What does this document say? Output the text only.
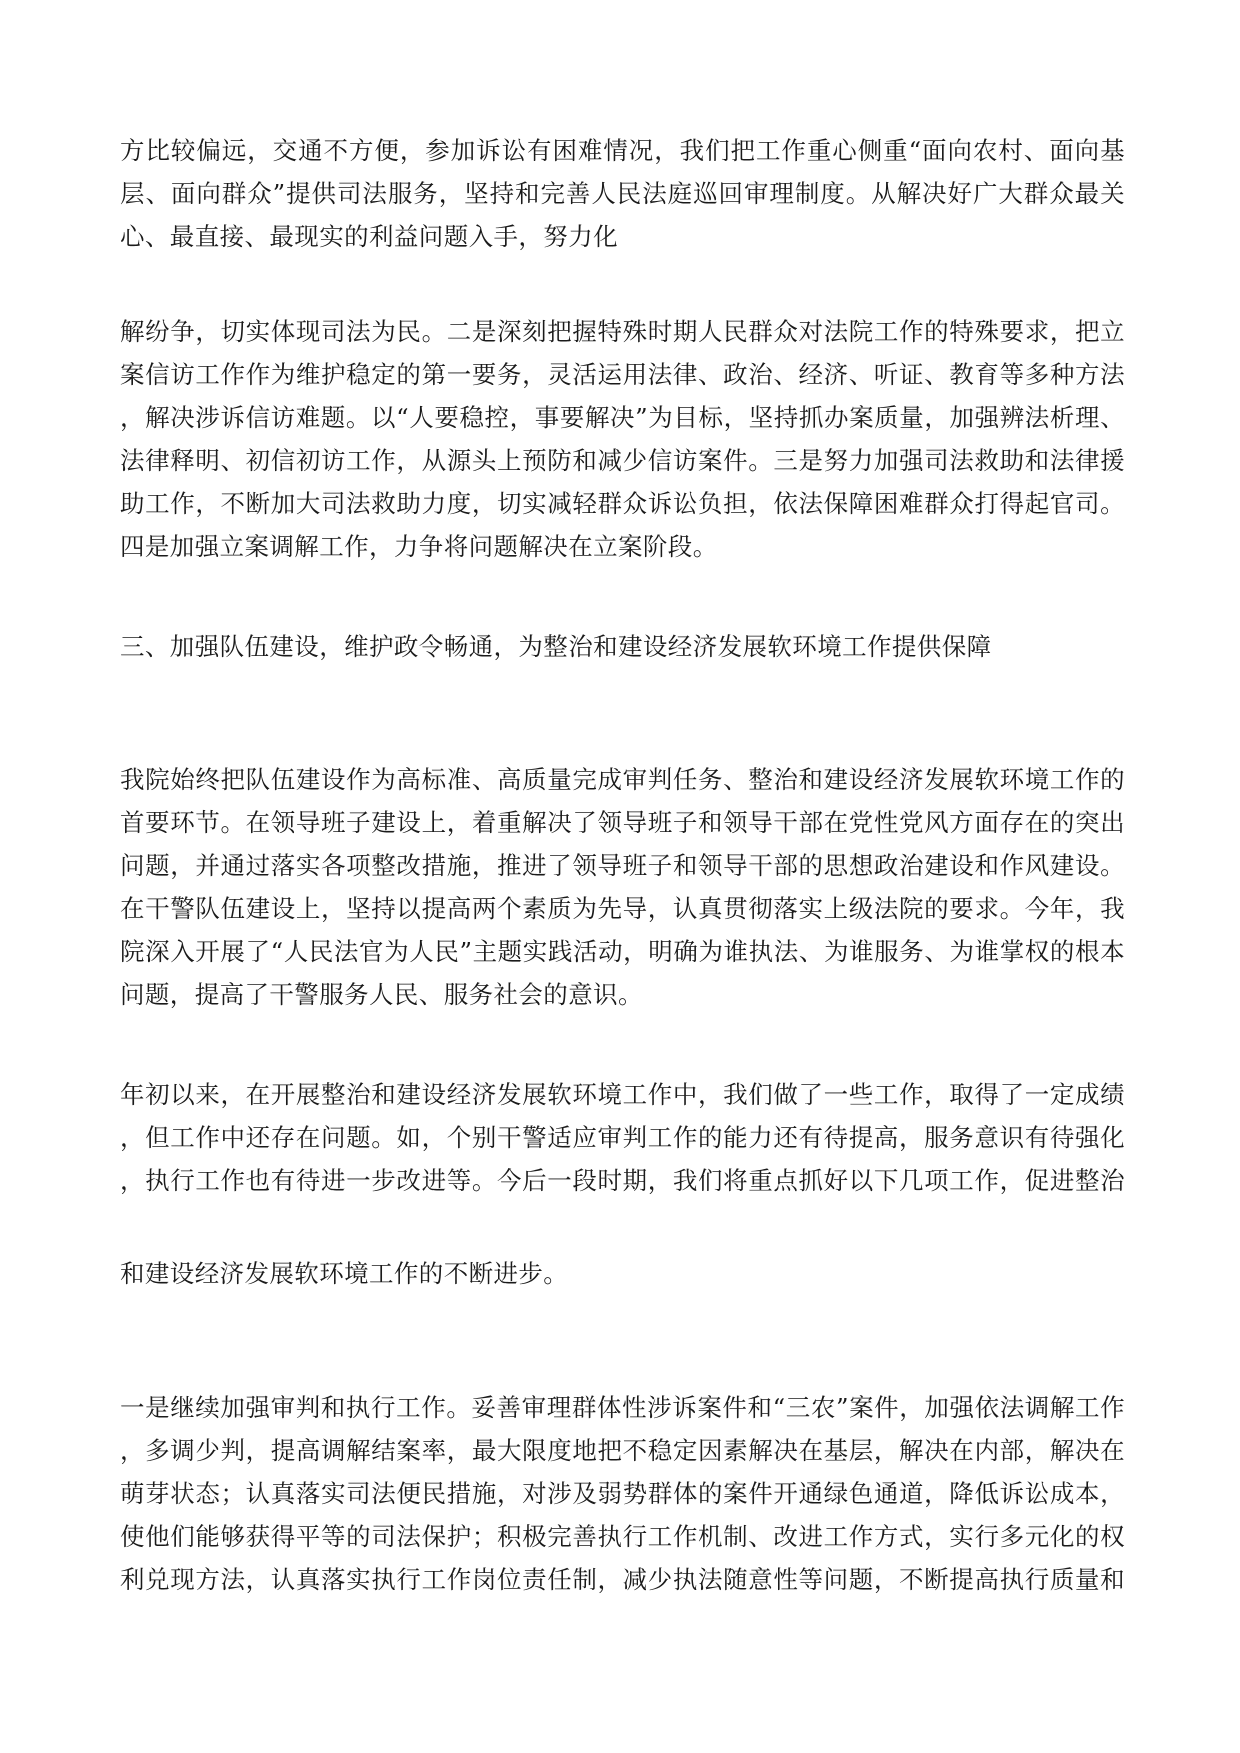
方比较偏远，交通不方便，参加诉讼有困难情况，我们把工作重心侧重“面向农村、面向基层、面向群众”提供司法服务，坚持和完善人民法庭巡回审理制度。从解决好广大群众最关心、最直接、最现实的利益问题入手，努力化

解纷争，切实体现司法为民。二是深刻把握特殊时期人民群众对法院工作的特殊要求，把立案信访工作作为维护稳定的第一要务，灵活运用法律、政治、经济、听证、教育等多种方法，解决涉诉信访难题。以“人要稳控，事要解决”为目标，坚持抓办案质量，加强辨法析理、法律释明、初信初访工作，从源头上预防和减少信访案件。三是努力加强司法救助和法律援助工作，不断加大司法救助力度，切实减轻群众诉讼负担，依法保障困难群众打得起官司。四是加强立案调解工作，力争将问题解决在立案阶段。

三、加强队伍建设，维护政令畅通，为整治和建设经济发展软环境工作提供保障

我院始终把队伍建设作为高标准、高质量完成审判任务、整治和建设经济发展软环境工作的首要环节。在领导班子建设上，着重解决了领导班子和领导干部在党性党风方面存在的突出问题，并通过落实各项整改措施，推进了领导班子和领导干部的思想政治建设和作风建设。在干警队伍建设上，坚持以提高两个素质为先导，认真贯彻落实上级法院的要求。今年，我院深入开展了“人民法官为人民”主题实践活动，明确为谁执法、为谁服务、为谁掌权的根本问题，提高了干警服务人民、服务社会的意识。

年初以来，在开展整治和建设经济发展软环境工作中，我们做了一些工作，取得了一定成绩，但工作中还存在问题。如，个别干警适应审判工作的能力还有待提高，服务意识有待强化，执行工作也有待进一步改进等。今后一段时期，我们将重点抓好以下几项工作，促进整治

和建设经济发展软环境工作的不断进步。

一是继续加强审判和执行工作。妥善审理群体性涉诉案件和“三农”案件，加强依法调解工作，多调少判，提高调解结案率，最大限度地把不稳定因素解决在基层，解决在内部，解决在萌芽状态；认真落实司法便民措施，对涉及弱势群体的案件开通绿色通道，降低诉讼成本，使他们能够获得平等的司法保护；积极完善执行工作机制、改进工作方式，实行多元化的权利兑现方法，认真落实执行工作岗位责任制，减少执法随意性等问题，不断提高执行质量和
